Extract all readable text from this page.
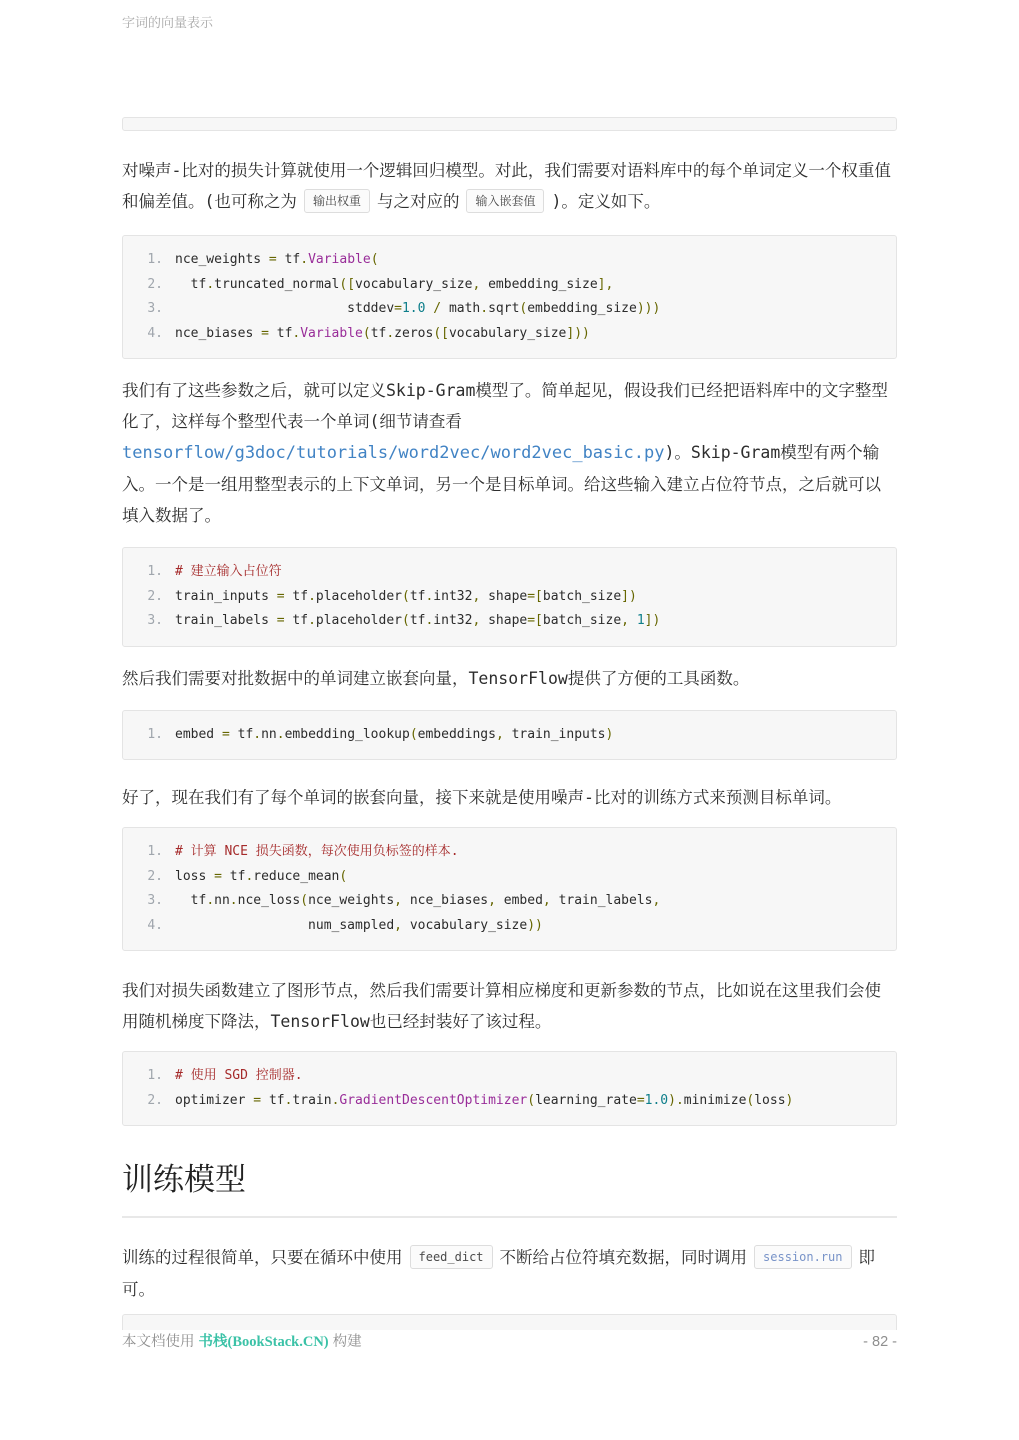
字词的向量表示

对噪声-比对的损失计算就使用一个逻辑回归模型。对此，我们需要对语料库中的每个单词定义一个权重值和偏差值。(也可称之为 输出权重 与之对应的 输入嵌套值 )。定义如下。

1. nce_weights = tf.Variable(
2.  tf.truncated_normal([vocabulary_size, embedding_size],
3.                      stddev=1.0 / math.sqrt(embedding_size)))
4. nce_biases = tf.Variable(tf.zeros([vocabulary_size]))

我们有了这些参数之后，就可以定义Skip-Gram模型了。简单起见，假设我们已经把语料库中的文字整型化了，这样每个整型代表一个单词(细节请查看 tensorflow/g3doc/tutorials/word2vec/word2vec_basic.py)。Skip-Gram模型有两个输入。一个是一组用整型表示的上下文单词，另一个是目标单词。给这些输入建立占位符节点，之后就可以填入数据了。

1. # 建立输入占位符
2. train_inputs = tf.placeholder(tf.int32, shape=[batch_size])
3. train_labels = tf.placeholder(tf.int32, shape=[batch_size, 1])

然后我们需要对批数据中的单词建立嵌套向量，TensorFlow提供了方便的工具函数。

1. embed = tf.nn.embedding_lookup(embeddings, train_inputs)

好了，现在我们有了每个单词的嵌套向量，接下来就是使用噪声-比对的训练方式来预测目标单词。

1. # 计算 NCE 损失函数，每次使用负标签的样本.
2. loss = tf.reduce_mean(
3.  tf.nn.nce_loss(nce_weights, nce_biases, embed, train_labels,
4.                 num_sampled, vocabulary_size))

我们对损失函数建立了图形节点，然后我们需要计算相应梯度和更新参数的节点，比如说在这里我们会使用随机梯度下降法，TensorFlow也已经封装好了该过程。

1. # 使用 SGD 控制器.
2. optimizer = tf.train.GradientDescentOptimizer(learning_rate=1.0).minimize(loss)
训练模型

训练的过程很简单，只要在循环中使用 feed_dict 不断给占位符填充数据，同时调用 session.run 即可。

本文档使用 书栈(BookStack.CN) 构建	- 82 -
